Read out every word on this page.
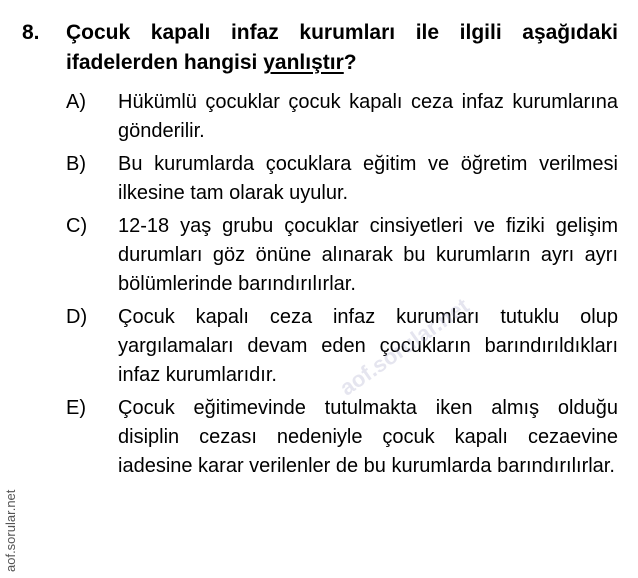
8.	Çocuk kapalı infaz kurumları ile ilgili aşağıdaki ifadelerden hangisi yanlıştır?
A)	Hükümlü çocuklar çocuk kapalı ceza infaz kurumlarına gönderilir.
B)	Bu kurumlarda çocuklara eğitim ve öğretim verilmesi ilkesine tam olarak uyulur.
C)	12-18 yaş grubu çocuklar cinsiyetleri ve fiziki gelişim durumları göz önüne alınarak bu kurumların ayrı ayrı bölümlerinde barındırılırlar.
D)	Çocuk kapalı ceza infaz kurumları tutuklu olup yargılamaları devam eden çocukların barındırıldıkları infaz kurumlarıdır.
E)	Çocuk eğitimevinde tutulmakta iken almış olduğu disiplin cezası nedeniyle çocuk kapalı cezaevine iadesine karar verilenler de bu kurumlarda barındırılırlar.
aof.sorular.net
aof.sorular.net
